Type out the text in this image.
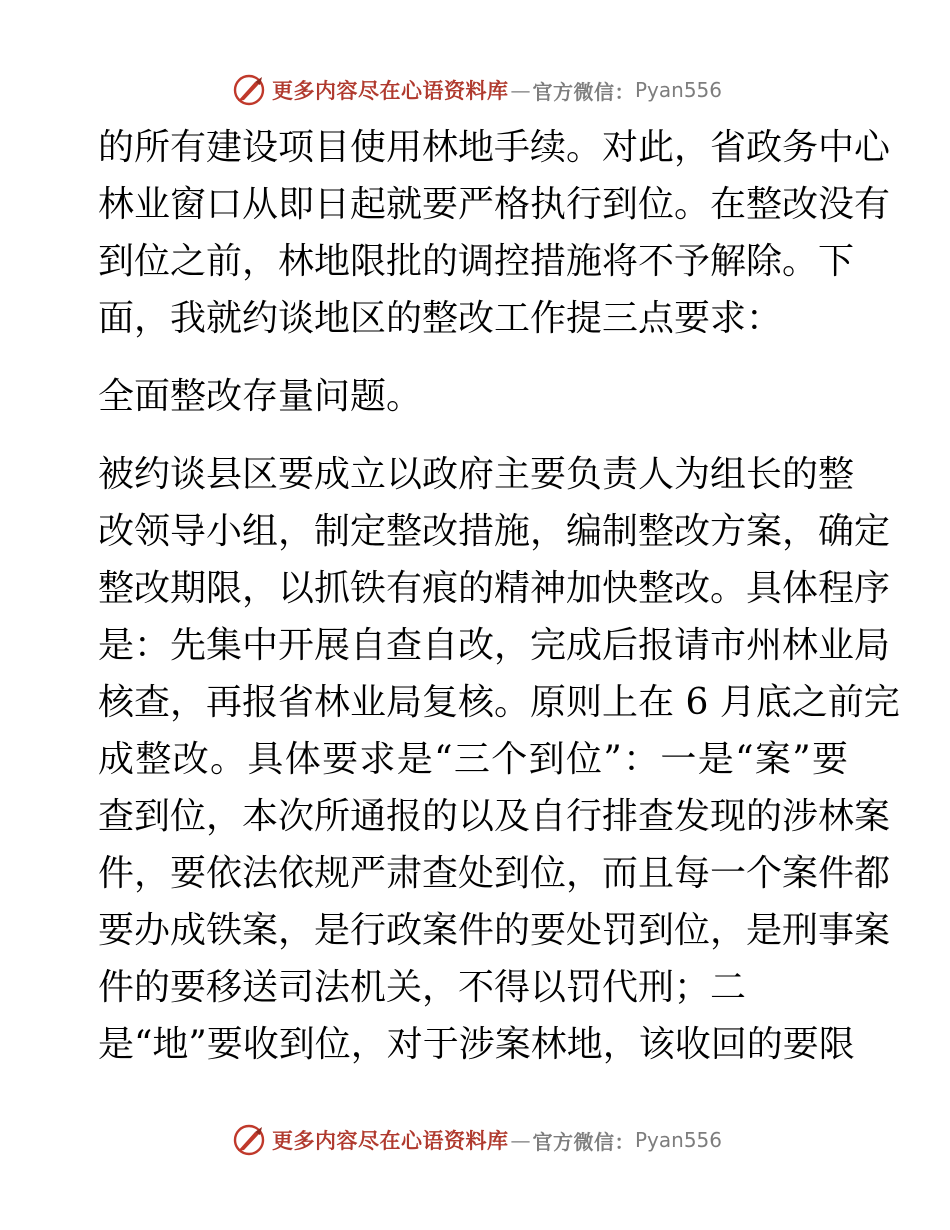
更多内容尽在心语资料库 — 官方微信： Pyan556
的所有建设项目使用林地手续。对此，省政务中心
林业窗口从即日起就要严格执行到位。在整改没有
到位之前，林地限批的调控措施将不予解除。下
面，我就约谈地区的整改工作提三点要求：
全面整改存量问题。
被约谈县区要成立以政府主要负责人为组长的整
改领导小组，制定整改措施，编制整改方案，确定
整改期限，以抓铁有痕的精神加快整改。具体程序
是：先集中开展自查自改，完成后报请市州林业局
核查，再报省林业局复核。原则上在 6 月底之前完
成整改。具体要求是“三个到位”：一是“案”要
查到位，本次所通报的以及自行排查发现的涉林案
件，要依法依规严肃查处到位，而且每一个案件都
要办成铁案，是行政案件的要处罚到位，是刑事案
件的要移送司法机关，不得以罚代刑；二
是“地”要收到位，对于涉案林地，该收回的要限
更多内容尽在心语资料库 — 官方微信： Pyan556
